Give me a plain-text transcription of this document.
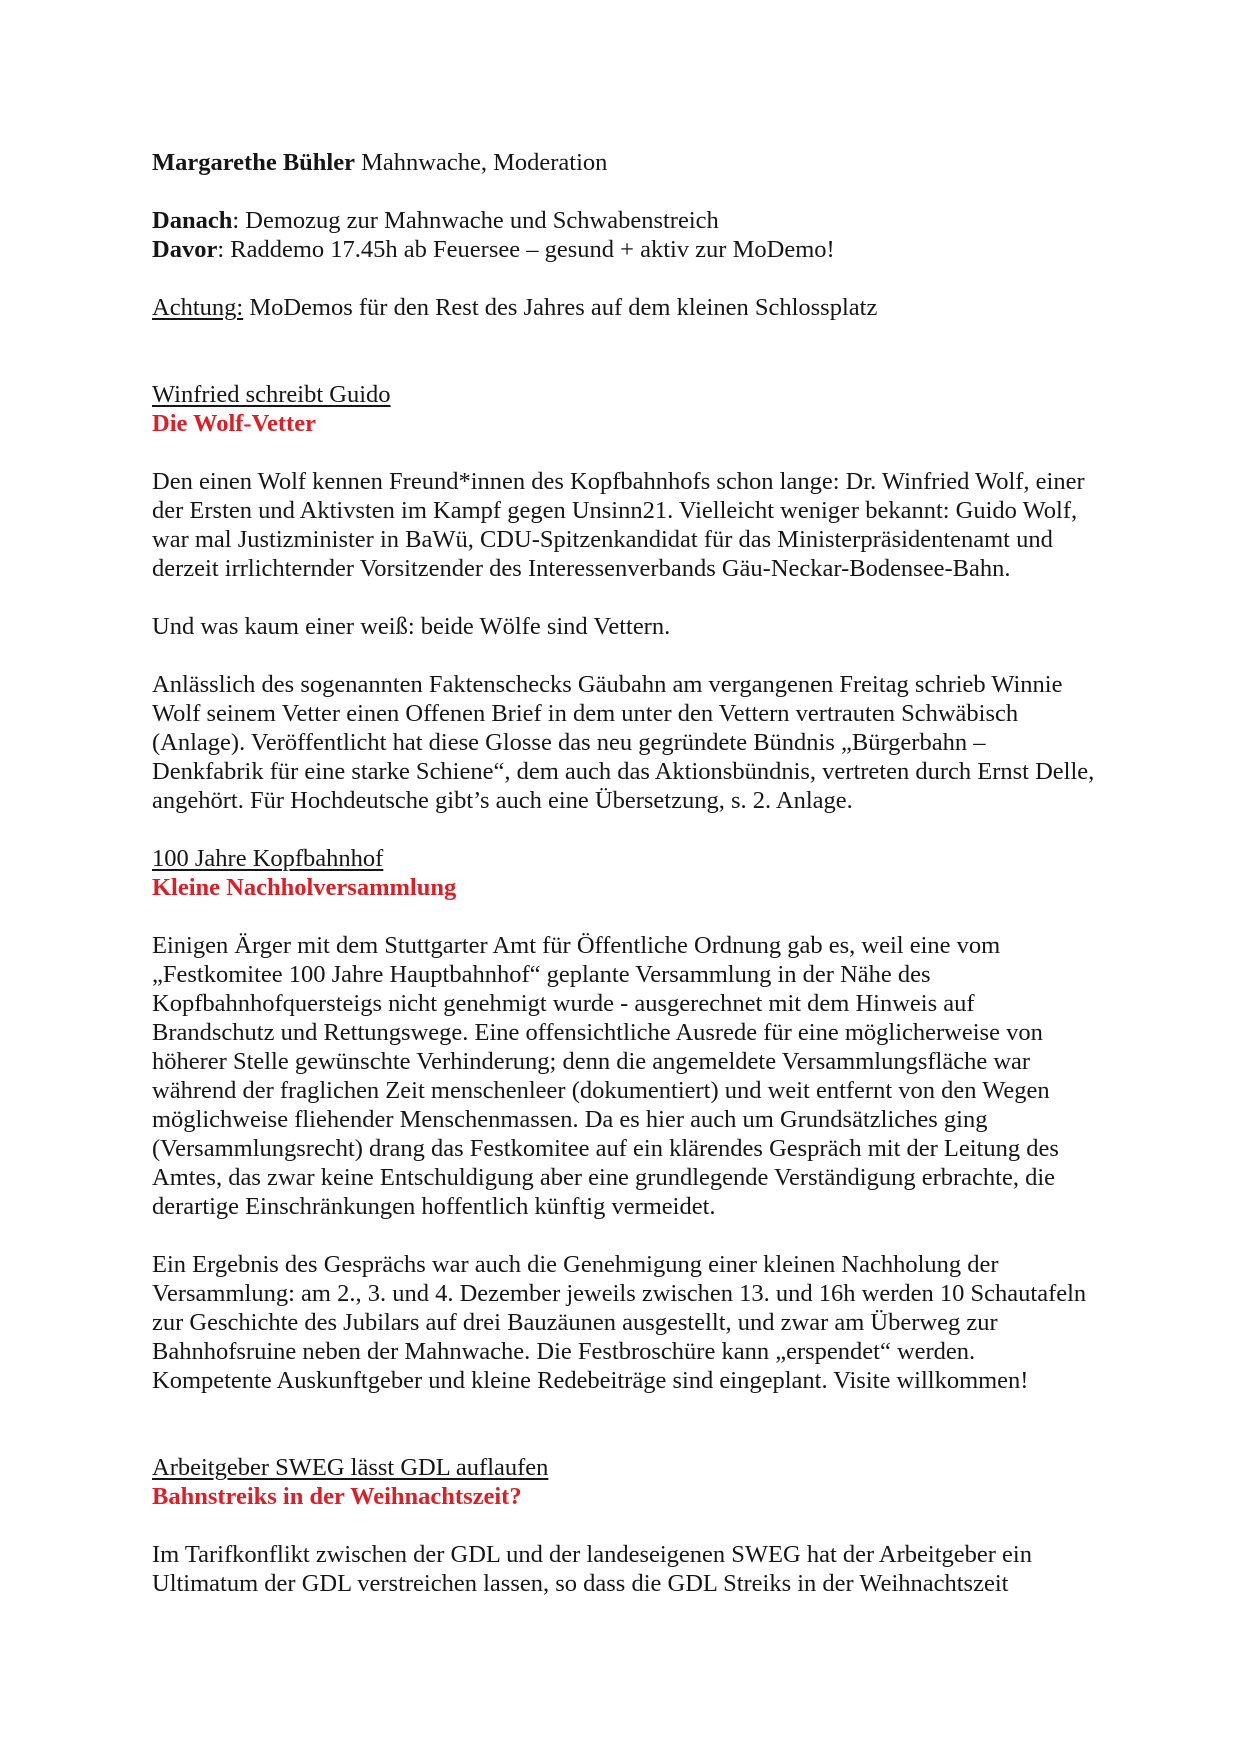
Margarethe Bühler Mahnwache, Moderation

Danach: Demozug zur Mahnwache und Schwabenstreich

Davor: Raddemo 17.45h ab Feuersee – gesund + aktiv zur MoDemo!

Achtung: MoDemos für den Rest des Jahres auf dem kleinen Schlossplatz

Winfried schreibt Guido

Die Wolf-Vetter

Den einen Wolf kennen Freund*innen des Kopfbahnhofs schon lange: Dr. Winfried Wolf, einer der Ersten und Aktivsten im Kampf gegen Unsinn21. Vielleicht weniger bekannt: Guido Wolf, war mal Justizminister in BaWü, CDU-Spitzenkandidat für das Ministerpräsidentenamt und derzeit irrlichternder Vorsitzender des Interessenverbands Gäu-Neckar-Bodensee-Bahn.

Und was kaum einer weiß: beide Wölfe sind Vettern.

Anlässlich des sogenannten Faktenschecks Gäubahn am vergangenen Freitag schrieb Winnie Wolf seinem Vetter einen Offenen Brief in dem unter den Vettern vertrauten Schwäbisch (Anlage). Veröffentlicht hat diese Glosse das neu gegründete Bündnis „Bürgerbahn – Denkfabrik für eine starke Schiene“, dem auch das Aktionsbündnis, vertreten durch Ernst Delle, angehört. Für Hochdeutsche gibt’s auch eine Übersetzung, s. 2. Anlage.

100 Jahre Kopfbahnhof

Kleine Nachholversammlung

Einigen Ärger mit dem Stuttgarter Amt für Öffentliche Ordnung gab es, weil eine vom „Festkomitee 100 Jahre Hauptbahnhof“ geplante Versammlung in der Nähe des Kopfbahnhofquersteigs nicht genehmigt wurde - ausgerechnet mit dem Hinweis auf Brandschutz und Rettungswege. Eine offensichtliche Ausrede für eine möglicherweise von höherer Stelle gewünschte Verhinderung; denn die angemeldete Versammlungsfläche war während der fraglichen Zeit menschenleer (dokumentiert) und weit entfernt von den Wegen möglichweise fliehender Menschenmassen. Da es hier auch um Grundsätzliches ging (Versammlungsrecht) drang das Festkomitee auf ein klärendes Gespräch mit der Leitung des Amtes, das zwar keine Entschuldigung aber eine grundlegende Verständigung erbrachte, die derartige Einschränkungen hoffentlich künftig vermeidet.

Ein Ergebnis des Gesprächs war auch die Genehmigung einer kleinen Nachholung der Versammlung: am 2., 3. und 4. Dezember jeweils zwischen 13. und 16h werden 10 Schautafeln zur Geschichte des Jubilars auf drei Bauzäunen ausgestellt, und zwar am Überweg zur Bahnhofsruine neben der Mahnwache. Die Festbroschüre kann „erspendet“ werden. Kompetente Auskunftgeber und kleine Redebeiträge sind eingeplant. Visite willkommen!

Arbeitgeber SWEG lässt GDL auflaufen

Bahnstreiks in der Weihnachtszeit?

Im Tarifkonflikt zwischen der GDL und der landeseigenen SWEG hat der Arbeitgeber ein Ultimatum der GDL verstreichen lassen, so dass die GDL Streiks in der Weihnachtszeit
